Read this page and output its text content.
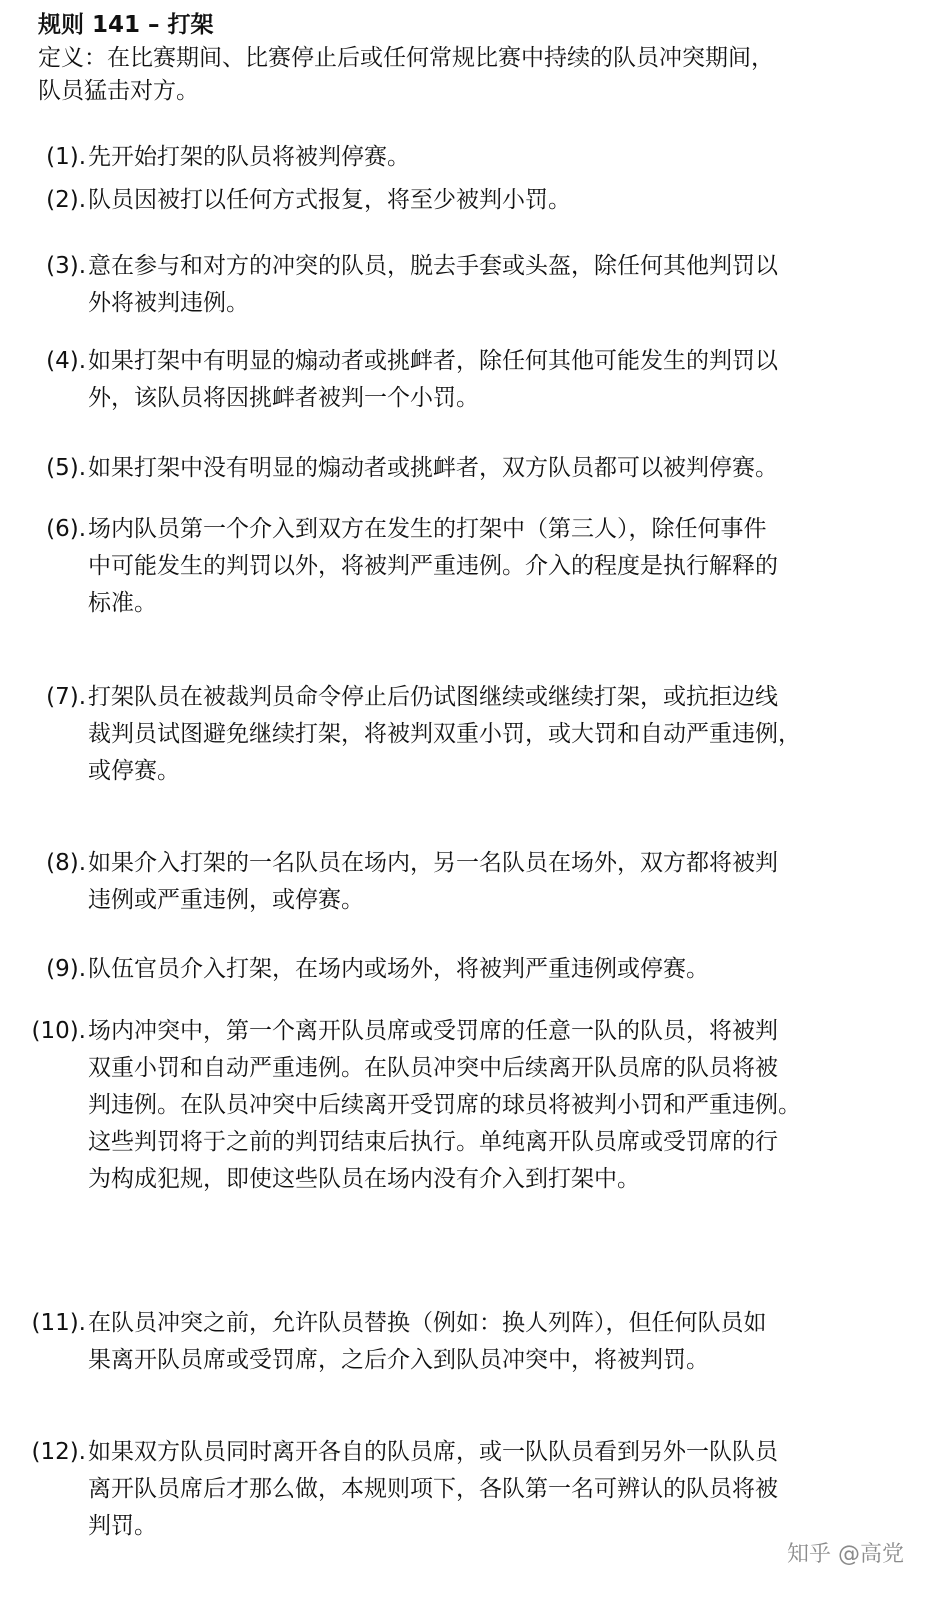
规则 141 – 打架
定义：在比赛期间、比赛停止后或任何常规比赛中持续的队员冲突期间，
队员猛击对方。
(1). 先开始打架的队员将被判停赛。
(2). 队员因被打以任何方式报复，将至少被判小罚。
(3). 意在参与和对方的冲突的队员，脱去手套或头盔，除任何其他判罚以
外将被判违例。
(4). 如果打架中有明显的煽动者或挑衅者，除任何其他可能发生的判罚以
外，该队员将因挑衅者被判一个小罚。
(5). 如果打架中没有明显的煽动者或挑衅者，双方队员都可以被判停赛。
(6). 场内队员第一个介入到双方在发生的打架中（第三人），除任何事件
中可能发生的判罚以外，将被判严重违例。介入的程度是执行解释的
标准。
(7). 打架队员在被裁判员命令停止后仍试图继续或继续打架，或抗拒边线
裁判员试图避免继续打架，将被判双重小罚，或大罚和自动严重违例，
或停赛。
(8). 如果介入打架的一名队员在场内，另一名队员在场外，双方都将被判
违例或严重违例，或停赛。
(9). 队伍官员介入打架，在场内或场外，将被判严重违例或停赛。
(10). 场内冲突中，第一个离开队员席或受罚席的任意一队的队员，将被判
双重小罚和自动严重违例。在队员冲突中后续离开队员席的队员将被
判违例。在队员冲突中后续离开受罚席的球员将被判小罚和严重违例。
这些判罚将于之前的判罚结束后执行。单纯离开队员席或受罚席的行
为构成犯规，即使这些队员在场内没有介入到打架中。
(11). 在队员冲突之前，允许队员替换（例如：换人列阵），但任何队员如
果离开队员席或受罚席，之后介入到队员冲突中，将被判罚。
(12). 如果双方队员同时离开各自的队员席，或一队队员看到另外一队队员
离开队员席后才那么做，本规则项下，各队第一名可辨认的队员将被
判罚。
知乎 @高党
